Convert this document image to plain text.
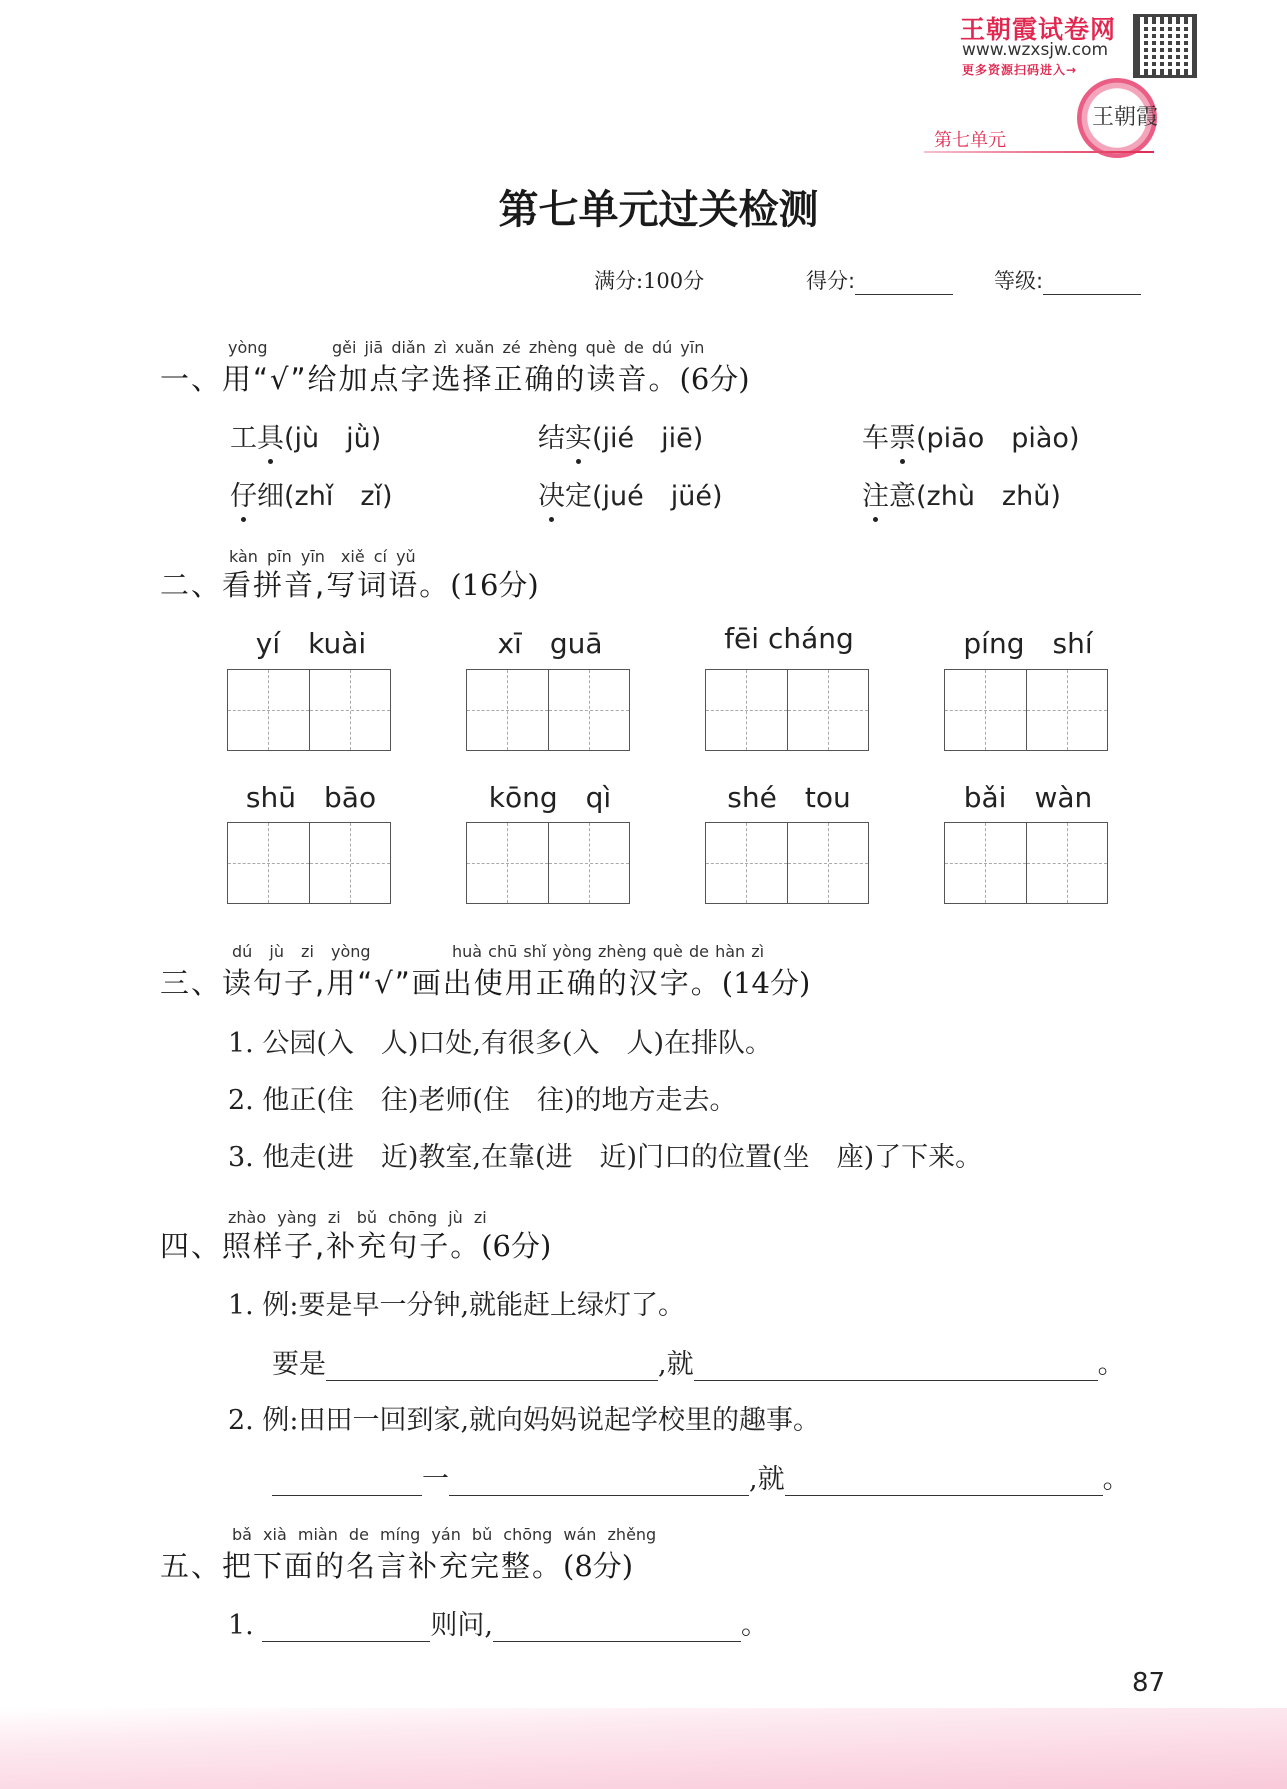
王朝霞试卷网
www.wzxsjw.com
更多资源扫码进入→
王朝霞
第七单元
第七单元过关检测
满分:100分	得分:	等级:
yòng	gěi jiā diǎn zì xuǎn zé zhèng què de dú yīn
一、用“√”给加点字选择正确的读音。(6分)
工具(jù　jǜ)	结实(jié　jiē)	车票(piāo　piào)
仔细(zhǐ　zǐ)	决定(jué　jüé)	注意(zhù　zhǔ)
kàn pīn yīn　xiě cí yǔ
二、看拼音,写词语。(16分)
yí　 kuài	xī　 guā	fēi cháng	píng　 shí
shū　 bāo	kōng　 qì	shé　 tou	bǎi　 wàn
dú jù zi yòng	huà chū shǐ yòng zhèng què de hàn zì
三、读句子,用“√”画出使用正确的汉字。(14分)
1. 公园(入　人)口处,有很多(入　人)在排队。
2. 他正(住　往)老师(住　往)的地方走去。
3. 他走(进　近)教室,在靠(进　近)门口的位置(坐　座)了下来。
zhào yàng zi　bǔ chōng jù zi
四、照样子,补充句子。(6分)
1. 例:要是早一分钟,就能赶上绿灯了。
要是	,就	。
2. 例:田田一回到家,就向妈妈说起学校里的趣事。
一	,就	。
bǎ xià miàn de míng yán bǔ chōng wán zhěng
五、把下面的名言补充完整。(8分)
1.	则问,	。
87
